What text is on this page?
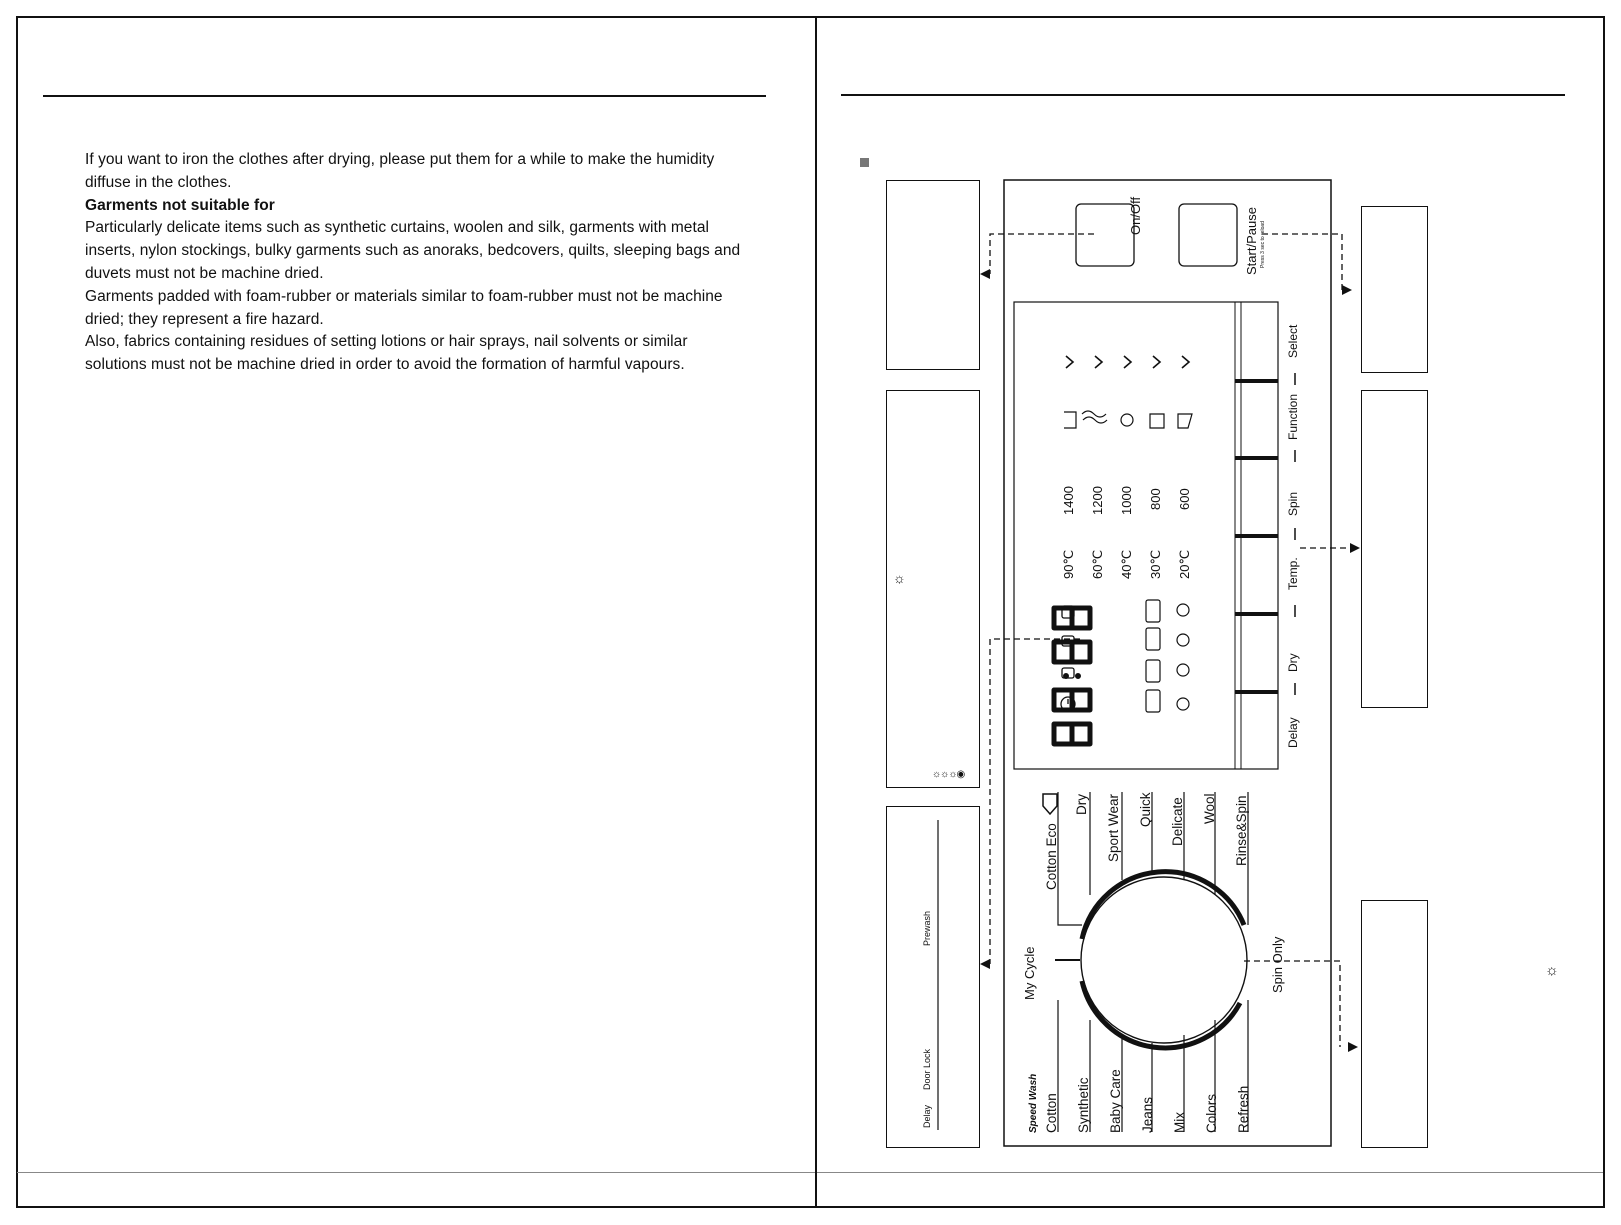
If you want to iron the clothes after drying, please put them for a while to make the humidity diffuse in the clothes.

Garments not suitable for

Particularly delicate items such as synthetic curtains, woolen and silk, garments with metal inserts, nylon stockings, bulky garments such as anoraks, bedcovers, quilts, sleeping bags and duvets must not be machine dried.

Garments padded with foam-rubber or materials similar to foam-rubber must not be machine dried; they represent a fire hazard.

Also, fabrics containing residues of setting lotions or hair sprays, nail solvents or similar solutions must not be machine dried in order to avoid the formation of harmful vapours.

☼
☼☼☼◉
☼
On/Off	Start/Pause Press 3 sec to reload
Delay
Dry
Temp.
Spin
Function
Select
90℃ 60℃ 40℃ 30℃ 20℃
1400 1200 1000 800 600
Cotton Eco
Dry Sport Wear Quick Delicate Wool Rinse&Spin
Cotton Synthetic Baby Care Jeans Mix Colors Refresh
Speed Wash
My Cycle	Spin Only
Delay
Door Lock
Prewash
